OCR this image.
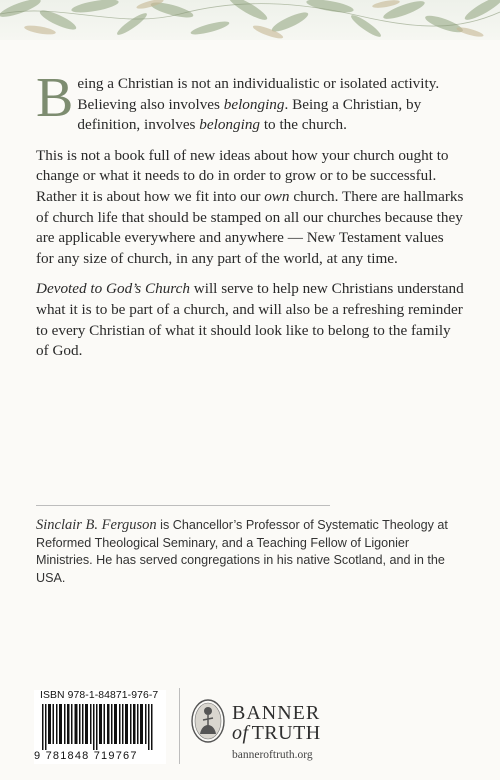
Being a Christian is not an individualistic or isolated activity. Believing also involves belonging. Being a Christian, by definition, involves belonging to the church.

This is not a book full of new ideas about how your church ought to change or what it needs to do in order to grow or to be successful. Rather it is about how we fit into our own church. There are hallmarks of church life that should be stamped on all our churches because they are applicable everywhere and anywhere — New Testament values for any size of church, in any part of the world, at any time.

Devoted to God’s Church will serve to help new Christians understand what it is to be part of a church, and will also be a refreshing reminder to every Christian of what it should look like to belong to the family of God.

Sinclair B. Ferguson is Chancellor’s Professor of Systematic Theology at Reformed Theological Seminary, and a Teaching Fellow of Ligonier Ministries. He has served congregations in his native Scotland, and in the USA.
ISBN 978-1-84871-976-7
9 781848 719767
BANNER
of TRUTH
banneroftruth.org
